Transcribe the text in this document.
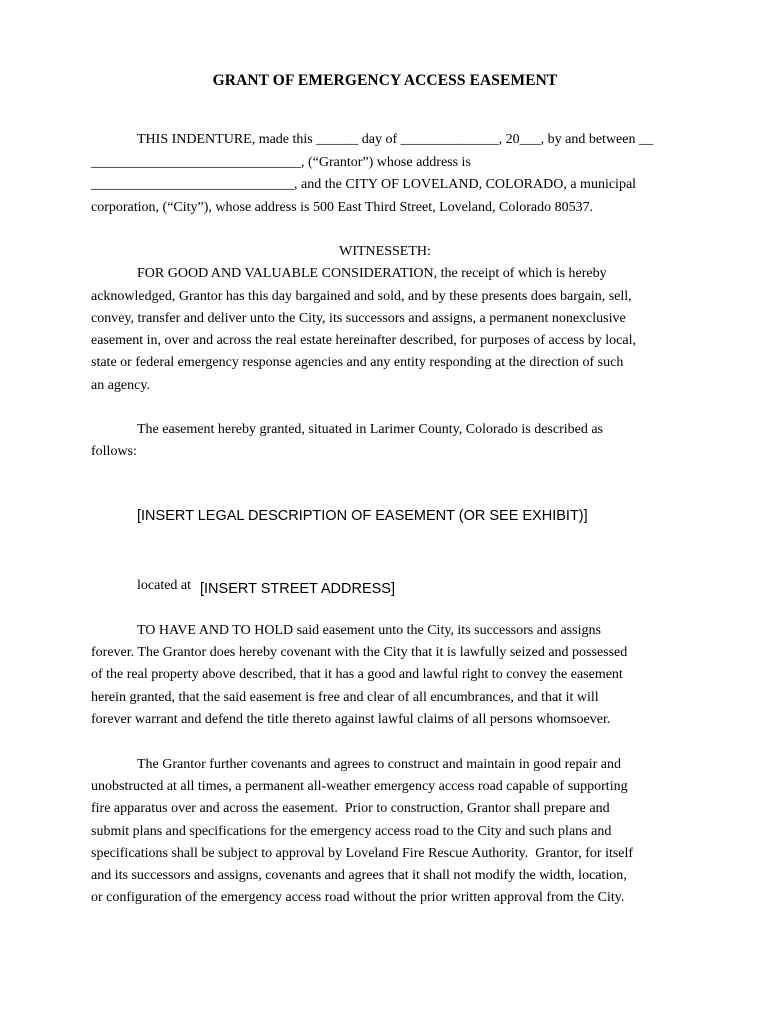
GRANT OF EMERGENCY ACCESS EASEMENT
THIS INDENTURE, made this ______ day of ______________, 20___, by and between __
______________________________, (“Grantor”) whose address is
_____________________________, and the CITY OF LOVELAND, COLORADO, a municipal
corporation, (“City”), whose address is 500 East Third Street, Loveland, Colorado 80537.
WITNESSETH:
FOR GOOD AND VALUABLE CONSIDERATION, the receipt of which is hereby
acknowledged, Grantor has this day bargained and sold, and by these presents does bargain, sell,
convey, transfer and deliver unto the City, its successors and assigns, a permanent nonexclusive
easement in, over and across the real estate hereinafter described, for purposes of access by local,
state or federal emergency response agencies and any entity responding at the direction of such
an agency.
The easement hereby granted, situated in Larimer County, Colorado is described as
follows:
[INSERT LEGAL DESCRIPTION OF EASEMENT (OR SEE EXHIBIT)]
located at [INSERT STREET ADDRESS]
TO HAVE AND TO HOLD said easement unto the City, its successors and assigns
forever. The Grantor does hereby covenant with the City that it is lawfully seized and possessed
of the real property above described, that it has a good and lawful right to convey the easement
herein granted, that the said easement is free and clear of all encumbrances, and that it will
forever warrant and defend the title thereto against lawful claims of all persons whomsoever.
The Grantor further covenants and agrees to construct and maintain in good repair and
unobstructed at all times, a permanent all-weather emergency access road capable of supporting
fire apparatus over and across the easement.  Prior to construction, Grantor shall prepare and
submit plans and specifications for the emergency access road to the City and such plans and
specifications shall be subject to approval by Loveland Fire Rescue Authority.  Grantor, for itself
and its successors and assigns, covenants and agrees that it shall not modify the width, location,
or configuration of the emergency access road without the prior written approval from the City.
